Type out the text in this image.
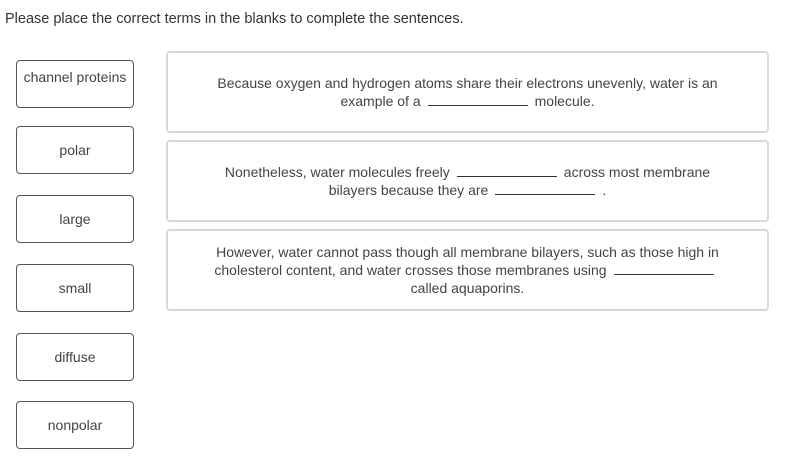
Please place the correct terms in the blanks to complete the sentences.
channel proteins
polar
large
small
diffuse
nonpolar
Because oxygen and hydrogen atoms share their electrons unevenly, water is an
example of a	molecule.
Nonetheless, water molecules freely	across most membrane
bilayers because they are	.
However, water cannot pass though all membrane bilayers, such as those high in
cholesterol content, and water crosses those membranes using
called aquaporins.
